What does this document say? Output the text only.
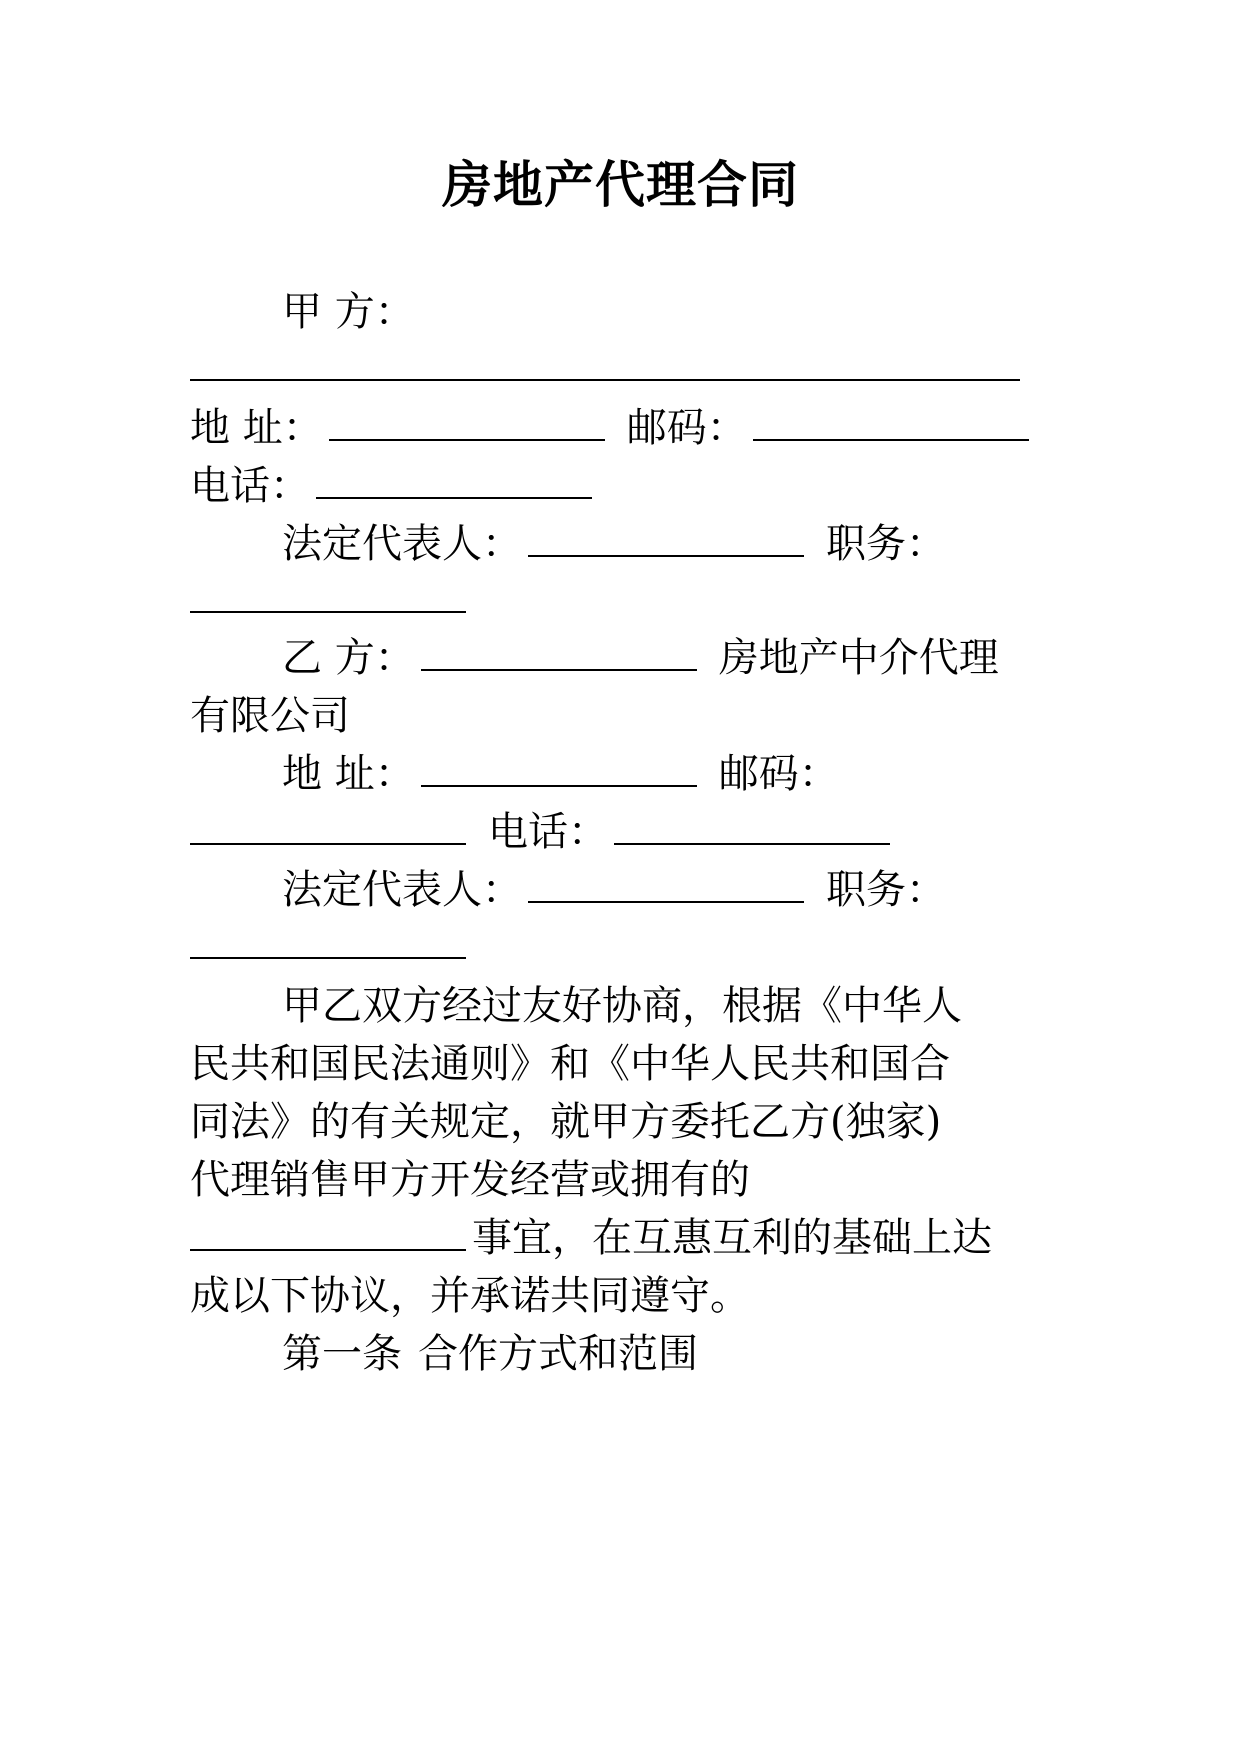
房地产代理合同
甲 方：
地 址：	邮码：
电话：
法定代表人：	职务：
乙 方：	房地产中介代理
有限公司
地 址：	邮码：
电话：
法定代表人：	职务：
甲乙双方经过友好协商，根据《中华人
民共和国民法通则》和《中华人民共和国合
同法》的有关规定，就甲方委托乙方(独家)
代理销售甲方开发经营或拥有的
事宜，在互惠互利的基础上达
成以下协议，并承诺共同遵守。
第一条 合作方式和范围
